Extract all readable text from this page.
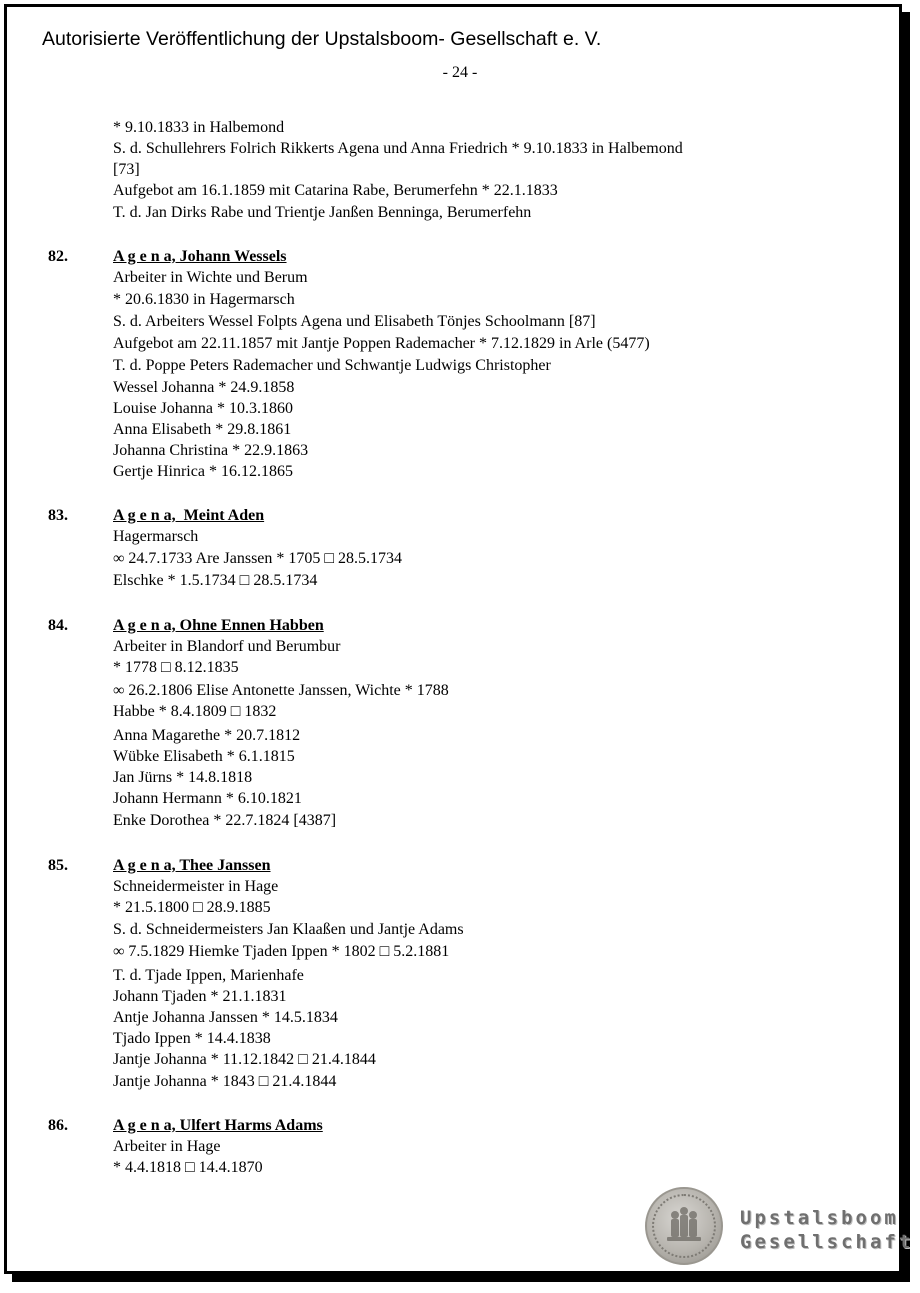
Autorisierte Veröffentlichung der Upstalsboom- Gesellschaft e. V.
- 24 -
* 9.10.1833 in Halbemond
S. d. Schullehrers Folrich Rikkerts Agena und Anna Friedrich * 9.10.1833 in Halbemond
[73]
Aufgebot am 16.1.1859 mit Catarina Rabe, Berumerfehn * 22.1.1833
T. d. Jan Dirks Rabe und Trientje Janßen Benninga, Berumerfehn
82.	A g e n a, Johann Wessels
Arbeiter in Wichte und Berum
* 20.6.1830 in Hagermarsch
S. d. Arbeiters Wessel Folpts Agena und Elisabeth Tönjes Schoolmann [87]
Aufgebot am 22.11.1857 mit Jantje Poppen Rademacher * 7.12.1829 in Arle (5477)
T. d. Poppe Peters Rademacher und Schwantje Ludwigs Christopher
Wessel Johanna * 24.9.1858
Louise Johanna * 10.3.1860
Anna Elisabeth * 29.8.1861
Johanna Christina * 22.9.1863
Gertje Hinrica * 16.12.1865
83.	A g e n a,  Meint Aden
Hagermarsch
∞ 24.7.1733 Are Janssen * 1705 □ 28.5.1734
Elschke * 1.5.1734 □ 28.5.1734
84.	A g e n a, Ohne Ennen Habben
Arbeiter in Blandorf und Berumbur
* 1778 □ 8.12.1835
∞ 26.2.1806 Elise Antonette Janssen, Wichte * 1788
Habbe * 8.4.1809 □ 1832
Anna Magarethe * 20.7.1812
Wübke Elisabeth * 6.1.1815
Jan Jürns * 14.8.1818
Johann Hermann * 6.10.1821
Enke Dorothea * 22.7.1824 [4387]
85.	A g e n a, Thee Janssen
Schneidermeister in Hage
* 21.5.1800 □ 28.9.1885
S. d. Schneidermeisters Jan Klaaßen und Jantje Adams
∞ 7.5.1829 Hiemke Tjaden Ippen * 1802 □ 5.2.1881
T. d. Tjade Ippen, Marienhafe
Johann Tjaden * 21.1.1831
Antje Johanna Janssen * 14.5.1834
Tjado Ippen * 14.4.1838
Jantje Johanna * 11.12.1842 □ 21.4.1844
Jantje Johanna * 1843 □ 21.4.1844
86.	A g e n a, Ulfert Harms Adams
Arbeiter in Hage
* 4.4.1818 □ 14.4.1870
Upstalsboom
Gesellschaft
